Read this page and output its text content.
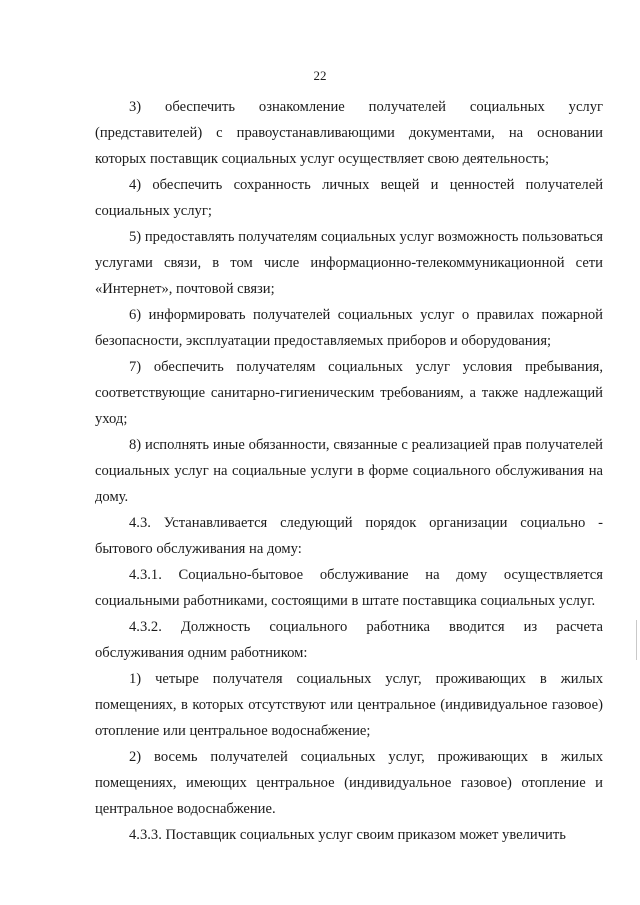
22

3) обеспечить ознакомление получателей социальных услуг (представителей) с правоустанавливающими документами, на основании которых поставщик социальных услуг осуществляет свою деятельность;

4) обеспечить сохранность личных вещей и ценностей получателей социальных услуг;

5) предоставлять получателям социальных услуг возможность пользоваться услугами связи, в том числе информационно-телекоммуникационной сети «Интернет», почтовой связи;

6) информировать получателей социальных услуг о правилах пожарной безопасности, эксплуатации предоставляемых приборов и оборудования;

7) обеспечить получателям социальных услуг условия пребывания, соответствующие санитарно-гигиеническим требованиям, а также надлежащий уход;

8) исполнять иные обязанности, связанные с реализацией прав получателей социальных услуг на социальные услуги в форме социального обслуживания на дому.

4.3. Устанавливается следующий порядок организации социально - бытового обслуживания на дому:

4.3.1. Социально-бытовое обслуживание на дому осуществляется социальными работниками, состоящими в штате поставщика социальных услуг.

4.3.2. Должность социального работника вводится из расчета обслуживания одним работником:

1) четыре получателя социальных услуг, проживающих в жилых помещениях, в которых отсутствуют или центральное (индивидуальное газовое) отопление или центральное водоснабжение;

2) восемь получателей социальных услуг, проживающих в жилых помещениях, имеющих центральное (индивидуальное газовое) отопление и центральное водоснабжение.

4.3.3. Поставщик социальных услуг своим приказом может увеличить
